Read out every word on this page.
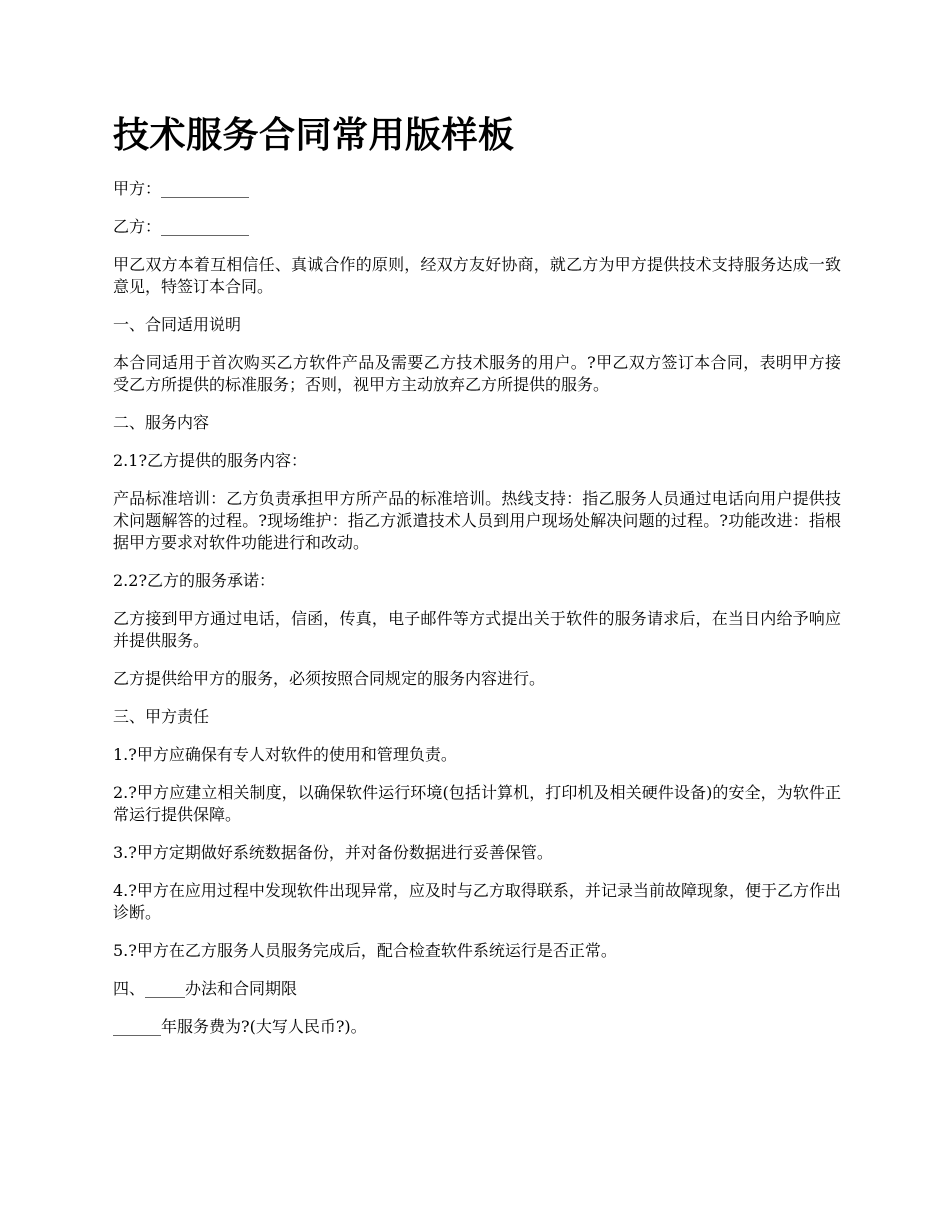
技术服务合同常用版样板

甲方：___________

乙方：___________

甲乙双方本着互相信任、真诚合作的原则，经双方友好协商，就乙方为甲方提供技术支持服务达成一致意见，特签订本合同。

一、合同适用说明

本合同适用于首次购买乙方软件产品及需要乙方技术服务的用户。?甲乙双方签订本合同，表明甲方接受乙方所提供的标准服务；否则，视甲方主动放弃乙方所提供的服务。

二、服务内容

2.1?乙方提供的服务内容：

产品标准培训：乙方负责承担甲方所产品的标准培训。热线支持：指乙服务人员通过电话向用户提供技术问题解答的过程。?现场维护：指乙方派遣技术人员到用户现场处解决问题的过程。?功能改进：指根据甲方要求对软件功能进行和改动。

2.2?乙方的服务承诺：

乙方接到甲方通过电话，信函，传真，电子邮件等方式提出关于软件的服务请求后，在当日内给予响应并提供服务。

乙方提供给甲方的服务，必须按照合同规定的服务内容进行。

三、甲方责任

1.?甲方应确保有专人对软件的使用和管理负责。

2.?甲方应建立相关制度，以确保软件运行环境(包括计算机，打印机及相关硬件设备)的安全，为软件正常运行提供保障。

3.?甲方定期做好系统数据备份，并对备份数据进行妥善保管。

4.?甲方在应用过程中发现软件出现异常，应及时与乙方取得联系，并记录当前故障现象，便于乙方作出诊断。

5.?甲方在乙方服务人员服务完成后，配合检查软件系统运行是否正常。

四、_____办法和合同期限

______年服务费为?(大写人民币?)。
